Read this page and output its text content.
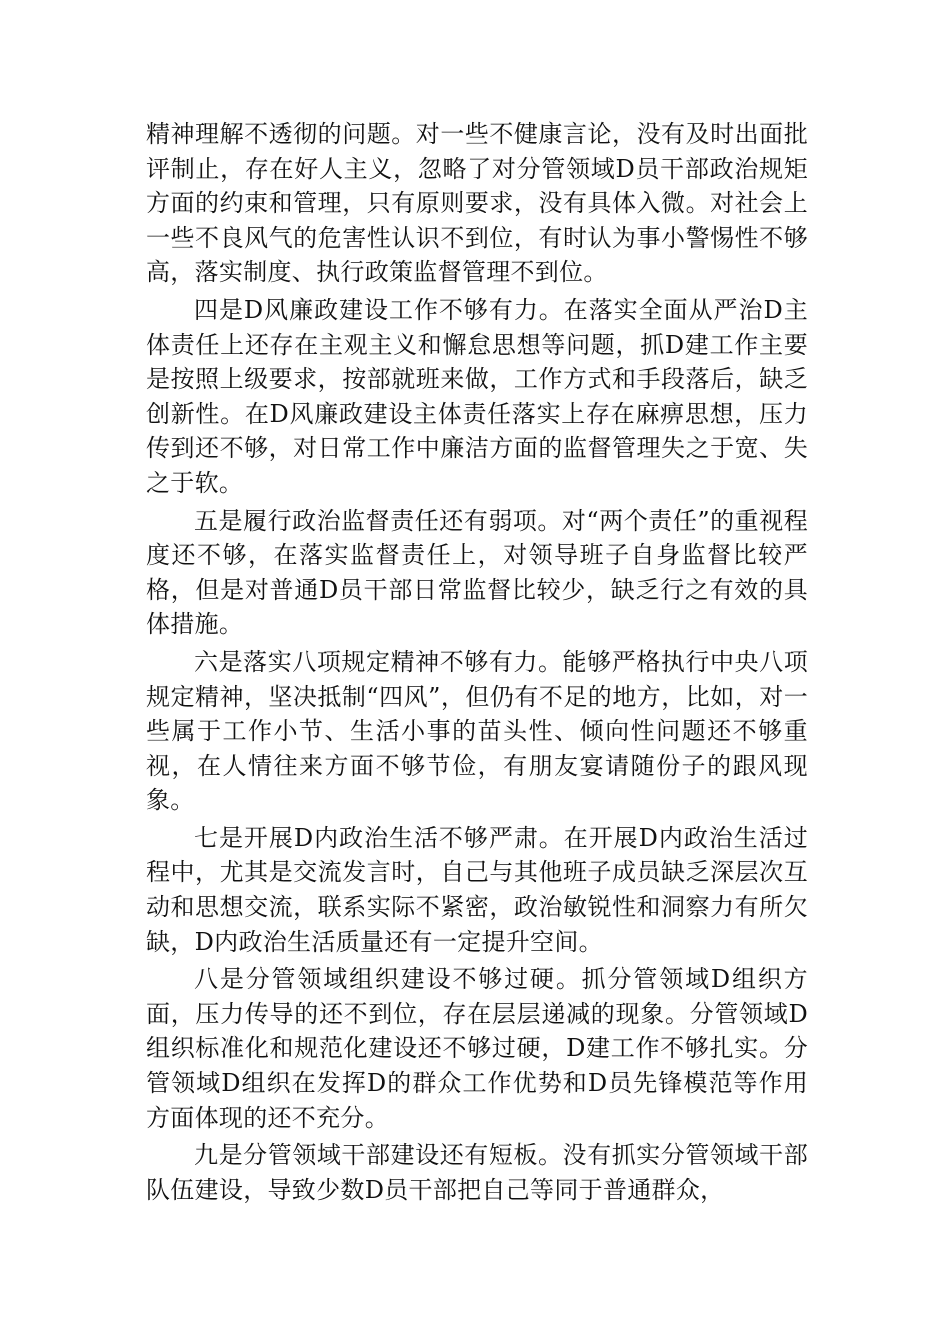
精神理解不透彻的问题。对一些不健康言论，没有及时出面批评制止，存在好人主义，忽略了对分管领域D员干部政治规矩方面的约束和管理，只有原则要求，没有具体入微。对社会上一些不良风气的危害性认识不到位，有时认为事小警惕性不够高，落实制度、执行政策监督管理不到位。

四是D风廉政建设工作不够有力。在落实全面从严治D主体责任上还存在主观主义和懈怠思想等问题，抓D建工作主要是按照上级要求，按部就班来做，工作方式和手段落后，缺乏创新性。在D风廉政建设主体责任落实上存在麻痹思想，压力传到还不够，对日常工作中廉洁方面的监督管理失之于宽、失之于软。

五是履行政治监督责任还有弱项。对“两个责任”的重视程度还不够，在落实监督责任上，对领导班子自身监督比较严格，但是对普通D员干部日常监督比较少，缺乏行之有效的具体措施。

六是落实八项规定精神不够有力。能够严格执行中央八项规定精神，坚决抵制“四风”，但仍有不足的地方，比如，对一些属于工作小节、生活小事的苗头性、倾向性问题还不够重视，在人情往来方面不够节俭，有朋友宴请随份子的跟风现象。

七是开展D内政治生活不够严肃。在开展D内政治生活过程中，尤其是交流发言时，自己与其他班子成员缺乏深层次互动和思想交流，联系实际不紧密，政治敏锐性和洞察力有所欠缺，D内政治生活质量还有一定提升空间。

八是分管领域组织建设不够过硬。抓分管领域D组织方面，压力传导的还不到位，存在层层递减的现象。分管领域D组织标准化和规范化建设还不够过硬，D建工作不够扎实。分管领域D组织在发挥D的群众工作优势和D员先锋模范等作用方面体现的还不充分。

九是分管领域干部建设还有短板。没有抓实分管领域干部队伍建设，导致少数D员干部把自己等同于普通群众，
